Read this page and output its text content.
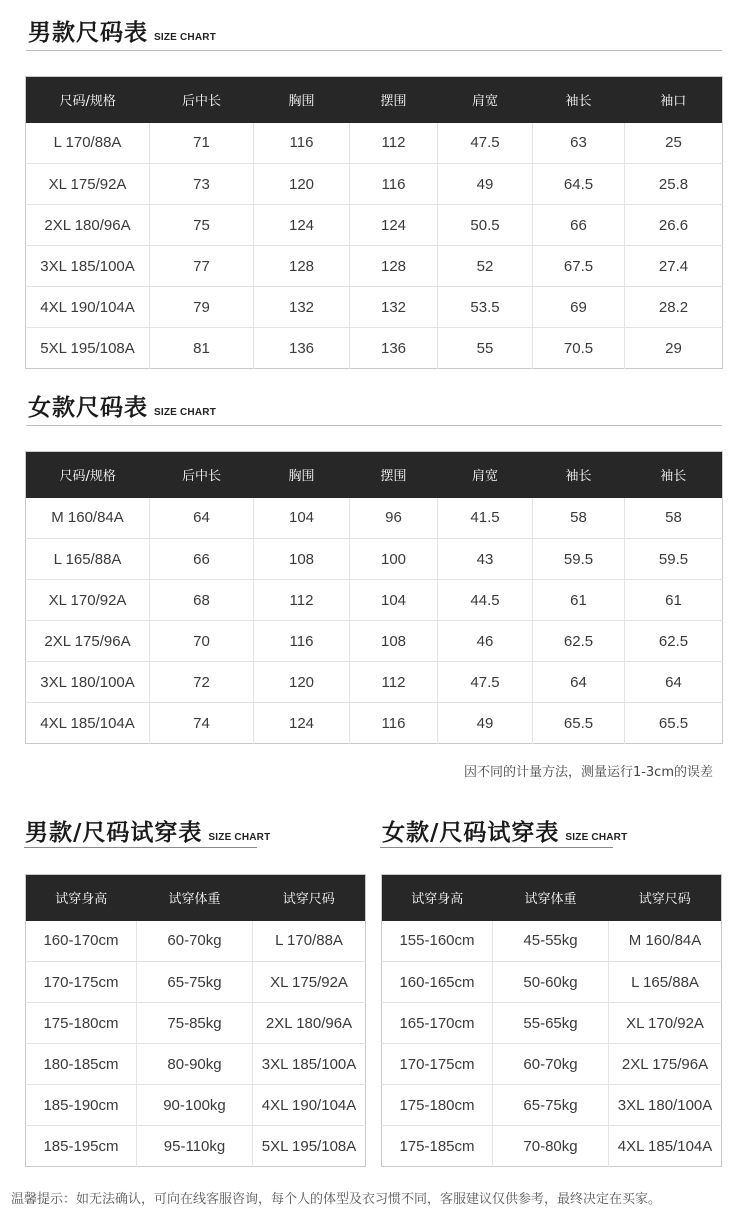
男款尺码表 SIZE CHART
尺码/规格	后中长	胸围	摆围	肩宽	袖长	袖口
L 170/88A	71	116	112	47.5	63	25
XL 175/92A	73	120	116	49	64.5	25.8
2XL 180/96A	75	124	124	50.5	66	26.6
3XL 185/100A	77	128	128	52	67.5	27.4
4XL 190/104A	79	132	132	53.5	69	28.2
5XL 195/108A	81	136	136	55	70.5	29
女款尺码表 SIZE CHART
尺码/规格	后中长	胸围	摆围	肩宽	袖长	袖长
M 160/84A	64	104	96	41.5	58	58
L 165/88A	66	108	100	43	59.5	59.5
XL 170/92A	68	112	104	44.5	61	61
2XL 175/96A	70	116	108	46	62.5	62.5
3XL 180/100A	72	120	112	47.5	64	64
4XL 185/104A	74	124	116	49	65.5	65.5
因不同的计量方法，测量运行1-3cm的误差
男款/尺码试穿表 SIZE CHART
试穿身高	试穿体重	试穿尺码
160-170cm	60-70kg	L 170/88A
170-175cm	65-75kg	XL 175/92A
175-180cm	75-85kg	2XL 180/96A
180-185cm	80-90kg	3XL 185/100A
185-190cm	90-100kg	4XL 190/104A
185-195cm	95-110kg	5XL 195/108A
女款/尺码试穿表 SIZE CHART
试穿身高	试穿体重	试穿尺码
155-160cm	45-55kg	M 160/84A
160-165cm	50-60kg	L 165/88A
165-170cm	55-65kg	XL 170/92A
170-175cm	60-70kg	2XL 175/96A
175-180cm	65-75kg	3XL 180/100A
175-185cm	70-80kg	4XL 185/104A
温馨提示：如无法确认，可向在线客服咨询，每个人的体型及衣习惯不同，客服建议仅供参考，最终决定在买家。
